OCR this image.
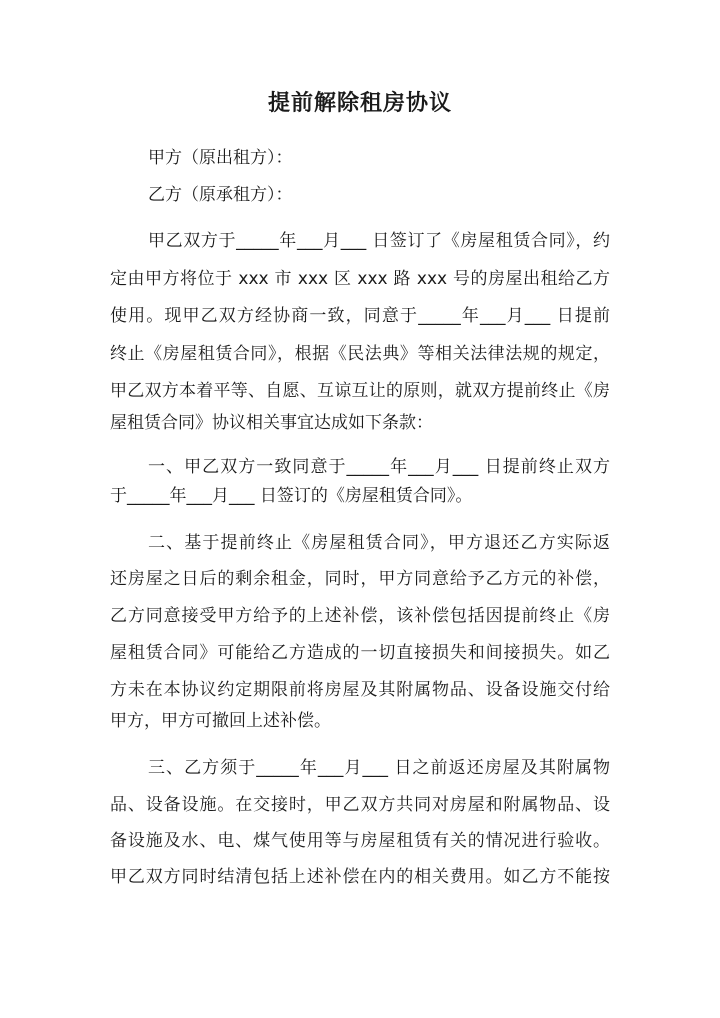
提前解除租房协议

甲方（原出租方）：

乙方（原承租方）：

甲乙双方于_____年___月___ 日签订了《房屋租赁合同》，约

定由甲方将位于 xxx 市 xxx 区 xxx 路 xxx 号的房屋出租给乙方

使用。现甲乙双方经协商一致，同意于_____年___月___ 日提前

终止《房屋租赁合同》，根据《民法典》等相关法律法规的规定，

甲乙双方本着平等、自愿、互谅互让的原则，就双方提前终止《房

屋租赁合同》协议相关事宜达成如下条款：

一、甲乙双方一致同意于_____年___月___ 日提前终止双方

于_____年___月___ 日签订的《房屋租赁合同》。

二、基于提前终止《房屋租赁合同》，甲方退还乙方实际返

还房屋之日后的剩余租金，同时，甲方同意给予乙方元的补偿，

乙方同意接受甲方给予的上述补偿，该补偿包括因提前终止《房

屋租赁合同》可能给乙方造成的一切直接损失和间接损失。如乙

方未在本协议约定期限前将房屋及其附属物品、设备设施交付给

甲方，甲方可撤回上述补偿。

三、乙方须于_____年___月___ 日之前返还房屋及其附属物

品、设备设施。在交接时，甲乙双方共同对房屋和附属物品、设

备设施及水、电、煤气使用等与房屋租赁有关的情况进行验收。

甲乙双方同时结清包括上述补偿在内的相关费用。如乙方不能按
